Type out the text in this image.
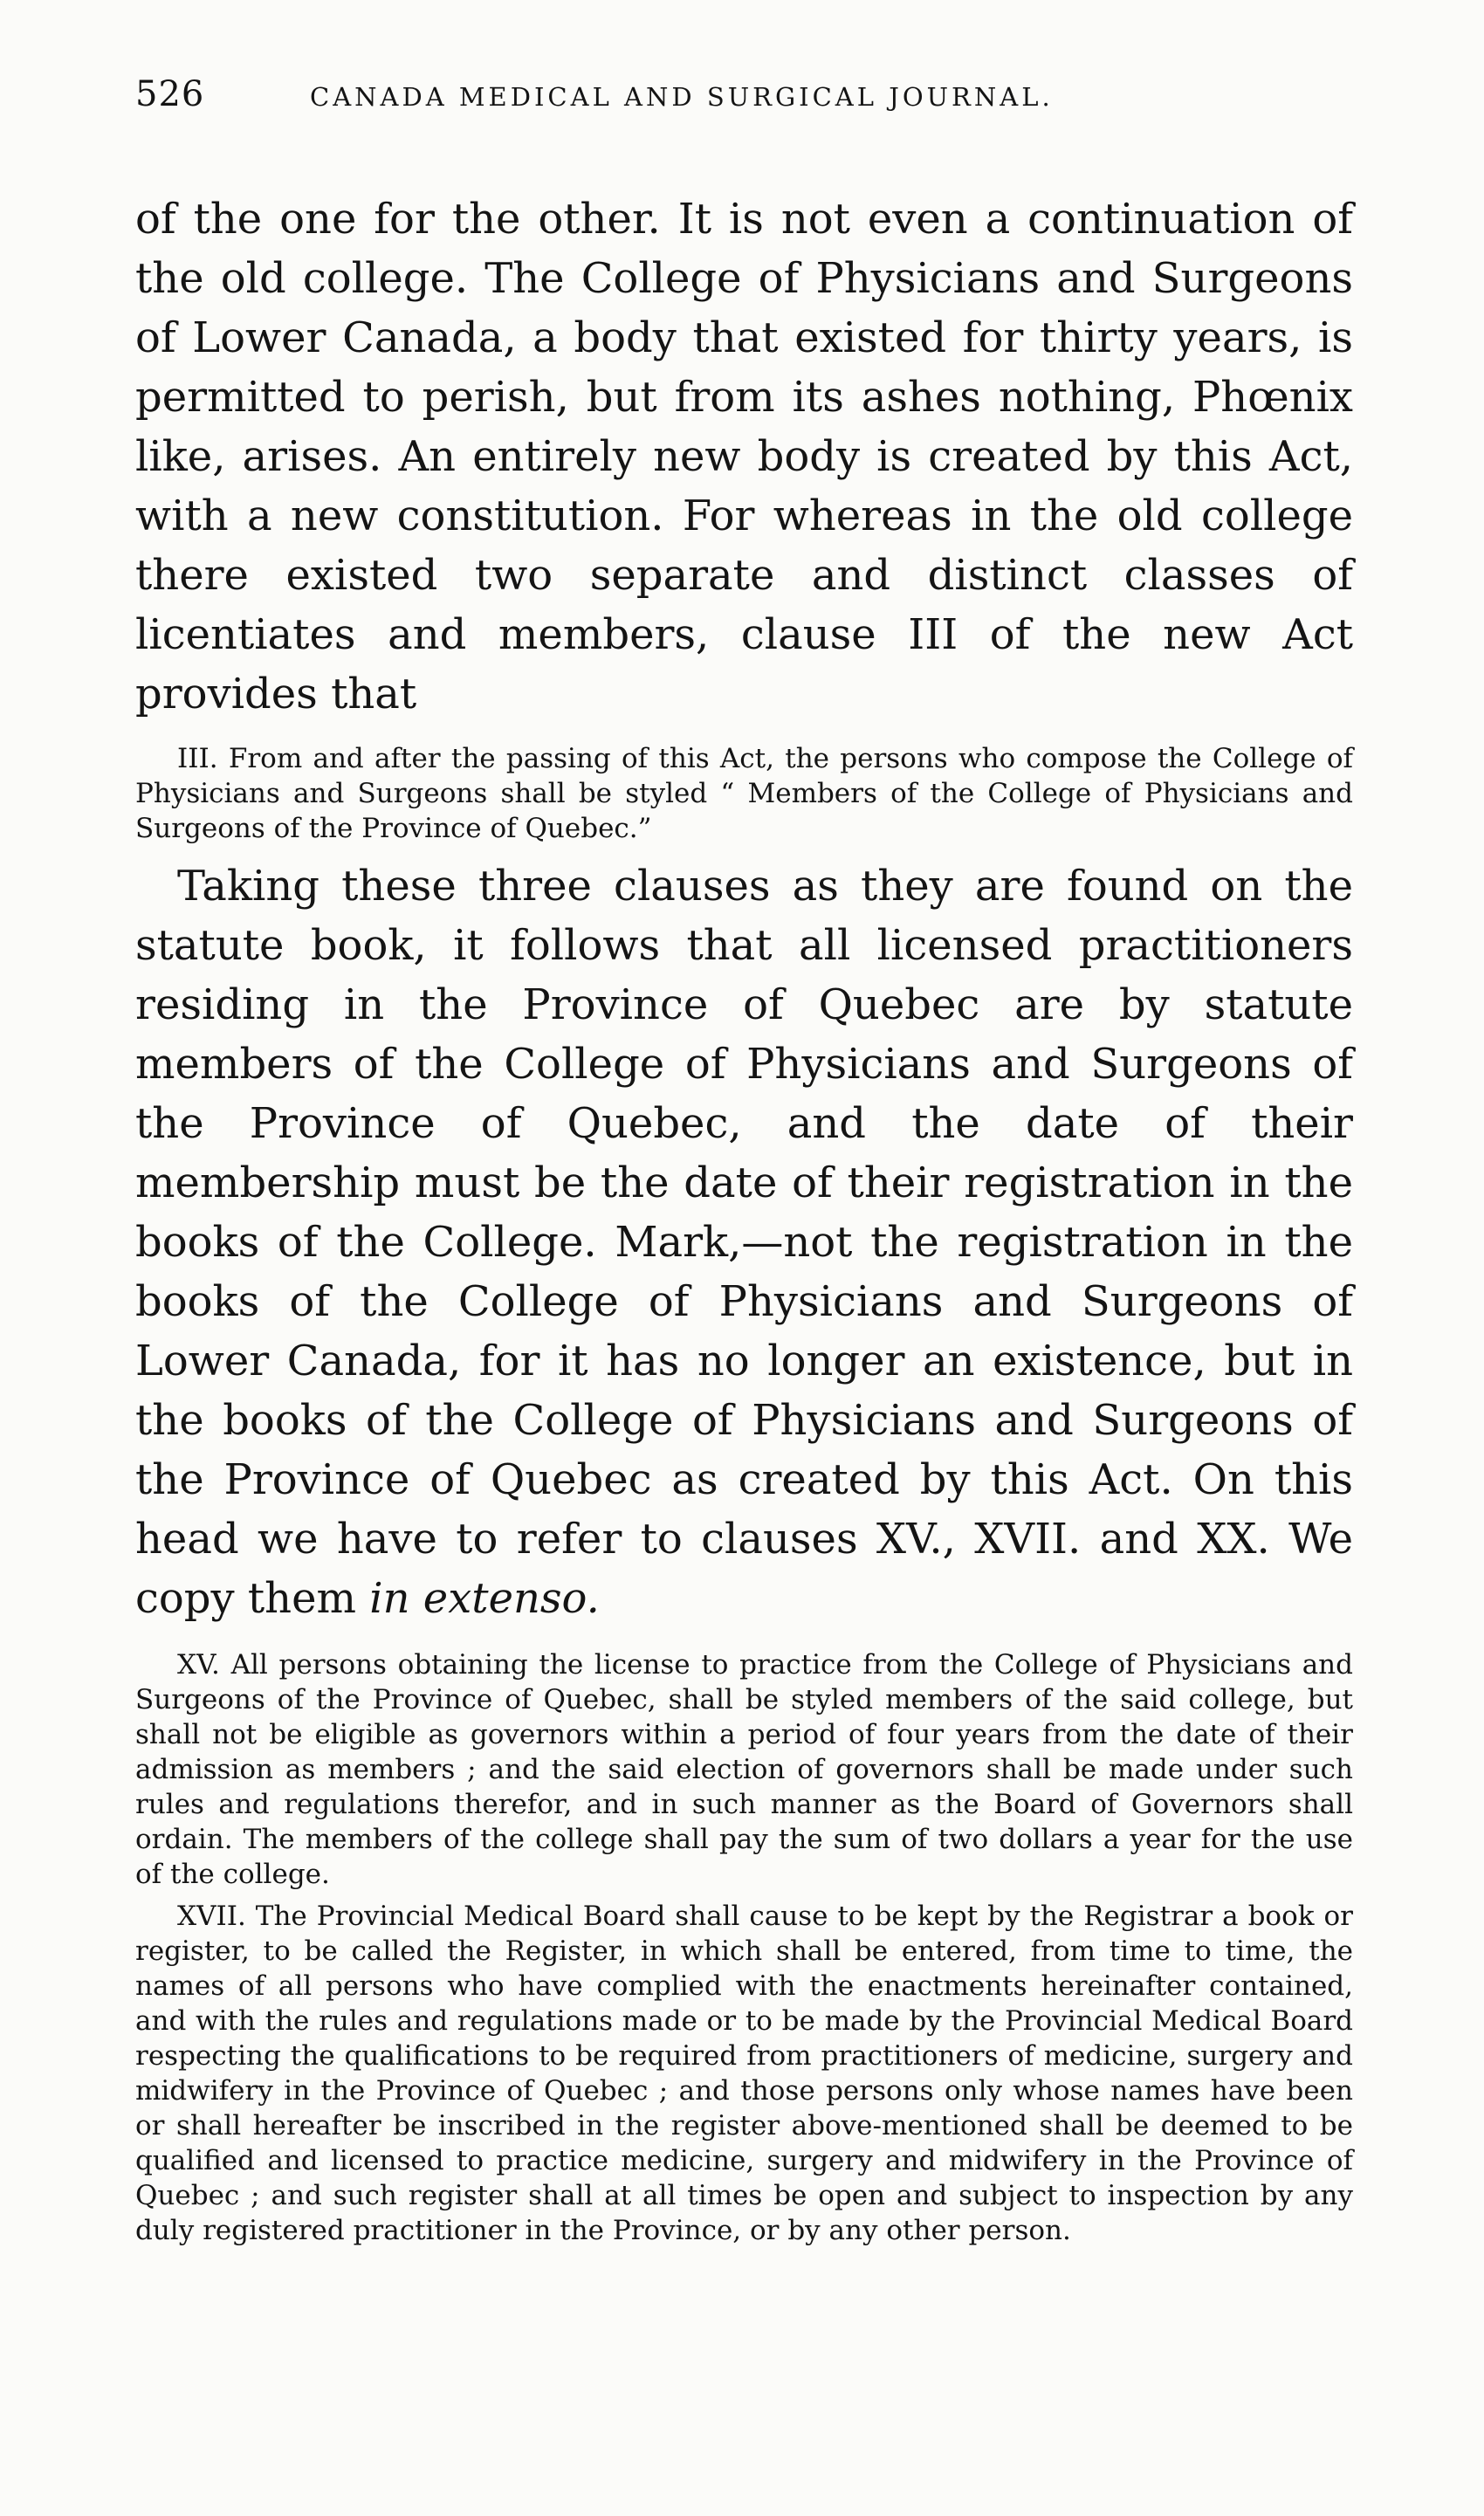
526	CANADA MEDICAL AND SURGICAL JOURNAL.

of the one for the other. It is not even a continuation of the old college. The College of Physicians and Surgeons of Lower Canada, a body that existed for thirty years, is permitted to perish, but from its ashes nothing, Phœnix like, arises. An entirely new body is created by this Act, with a new constitution. For whereas in the old college there existed two separate and distinct classes of licentiates and members, clause III of the new Act provides that

III. From and after the passing of this Act, the persons who compose the College of Physicians and Surgeons shall be styled “ Members of the College of Physicians and Surgeons of the Province of Quebec.”

Taking these three clauses as they are found on the statute book, it follows that all licensed practitioners residing in the Province of Quebec are by statute members of the College of Physicians and Surgeons of the Province of Quebec, and the date of their membership must be the date of their registration in the books of the College. Mark,—not the registration in the books of the College of Physicians and Surgeons of Lower Canada, for it has no longer an existence, but in the books of the College of Physicians and Surgeons of the Province of Quebec as created by this Act. On this head we have to refer to clauses XV., XVII. and XX. We copy them in extenso.

XV. All persons obtaining the license to practice from the College of Physicians and Surgeons of the Province of Quebec, shall be styled members of the said college, but shall not be eligible as governors within a period of four years from the date of their admission as members ; and the said election of governors shall be made under such rules and regulations therefor, and in such manner as the Board of Governors shall ordain. The members of the college shall pay the sum of two dollars a year for the use of the college.

XVII. The Provincial Medical Board shall cause to be kept by the Registrar a book or register, to be called the Register, in which shall be entered, from time to time, the names of all persons who have complied with the enactments hereinafter contained, and with the rules and regulations made or to be made by the Provincial Medical Board respecting the qualifications to be required from practitioners of medicine, surgery and midwifery in the Province of Quebec ; and those persons only whose names have been or shall hereafter be inscribed in the register above-mentioned shall be deemed to be qualified and licensed to practice medicine, surgery and midwifery in the Province of Quebec ; and such register shall at all times be open and subject to inspection by any duly registered practitioner in the Province, or by any other person.
